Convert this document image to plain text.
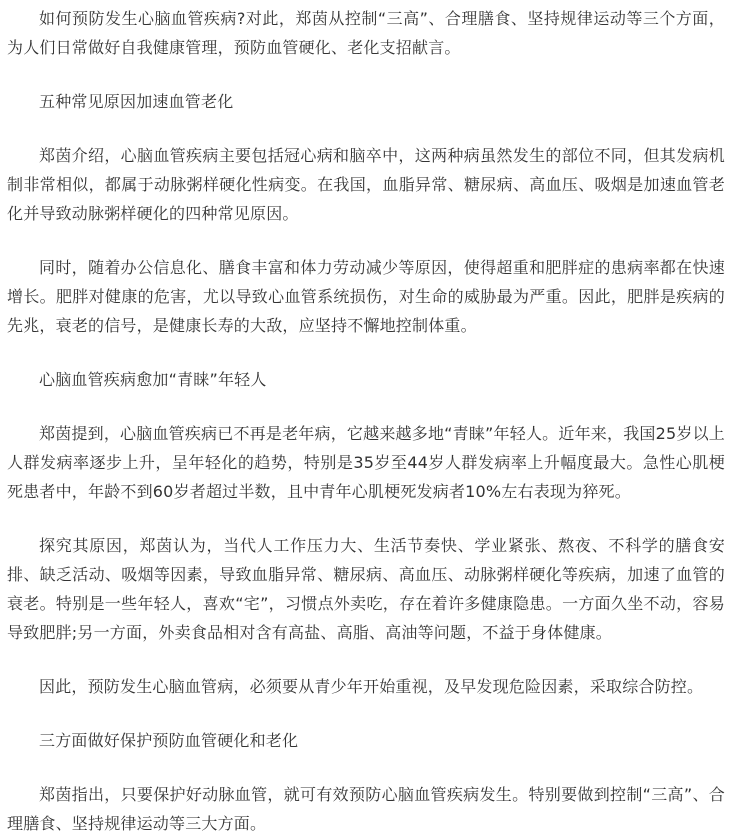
如何预防发生心脑血管疾病?对此，郑茵从控制“三高”、合理膳食、坚持规律运动等三个方面，为人们日常做好自我健康管理，预防血管硬化、老化支招献言。

五种常见原因加速血管老化

郑茵介绍，心脑血管疾病主要包括冠心病和脑卒中，这两种病虽然发生的部位不同，但其发病机制非常相似，都属于动脉粥样硬化性病变。在我国，血脂异常、糖尿病、高血压、吸烟是加速血管老化并导致动脉粥样硬化的四种常见原因。

同时，随着办公信息化、膳食丰富和体力劳动减少等原因，使得超重和肥胖症的患病率都在快速增长。肥胖对健康的危害，尤以导致心血管系统损伤，对生命的威胁最为严重。因此，肥胖是疾病的先兆，衰老的信号，是健康长寿的大敌，应坚持不懈地控制体重。

心脑血管疾病愈加“青睐”年轻人

郑茵提到，心脑血管疾病已不再是老年病，它越来越多地“青睐”年轻人。近年来，我国25岁以上人群发病率逐步上升，呈年轻化的趋势，特别是35岁至44岁人群发病率上升幅度最大。急性心肌梗死患者中，年龄不到60岁者超过半数，且中青年心肌梗死发病者10%左右表现为猝死。

探究其原因，郑茵认为，当代人工作压力大、生活节奏快、学业紧张、熬夜、不科学的膳食安排、缺乏活动、吸烟等因素，导致血脂异常、糖尿病、高血压、动脉粥样硬化等疾病，加速了血管的衰老。特别是一些年轻人，喜欢“宅”，习惯点外卖吃，存在着许多健康隐患。一方面久坐不动，容易导致肥胖;另一方面，外卖食品相对含有高盐、高脂、高油等问题，不益于身体健康。

因此，预防发生心脑血管病，必须要从青少年开始重视，及早发现危险因素，采取综合防控。

三方面做好保护预防血管硬化和老化

郑茵指出，只要保护好动脉血管，就可有效预防心脑血管疾病发生。特别要做到控制“三高”、合理膳食、坚持规律运动等三大方面。
